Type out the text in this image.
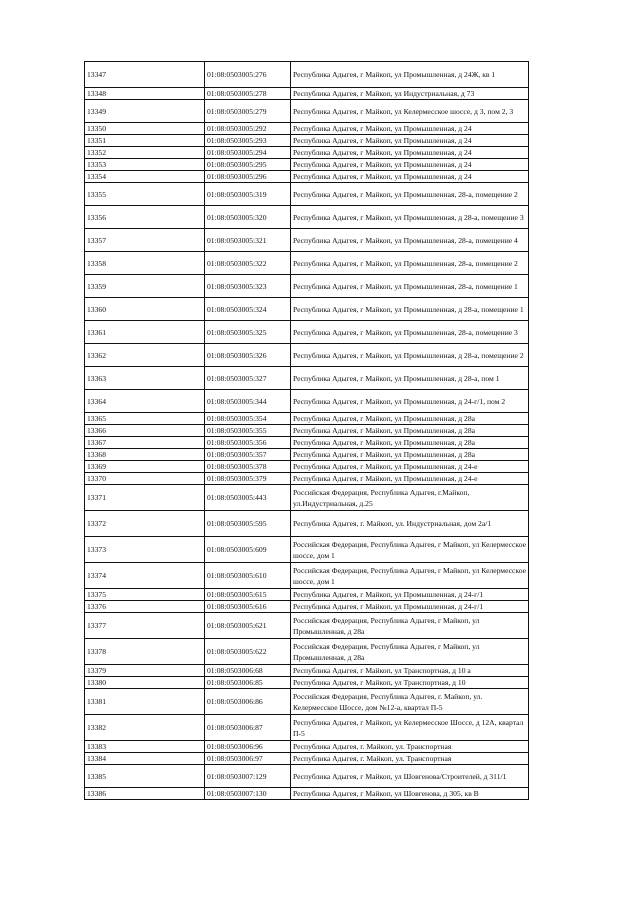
13347	01:08:0503005:276	Республика Адыгея, г Майкоп, ул Промышленная, д 24Ж, кв 1
13348	01:08:0503005:278	Республика Адыгея, г Майкоп, ул Индустриальная, д 73
13349	01:08:0503005:279	Республика Адыгея, г Майкоп, ул Келермесское шоссе, д 3, пом 2, 3
13350	01:08:0503005:292	Республика Адыгея, г Майкоп, ул Промышленная, д 24
13351	01:08:0503005:293	Республика Адыгея, г Майкоп, ул Промышленная, д 24
13352	01:08:0503005:294	Республика Адыгея, г Майкоп, ул Промышленная, д 24
13353	01:08:0503005:295	Республика Адыгея, г Майкоп, ул Промышленная, д 24
13354	01:08:0503005:296	Республика Адыгея, г Майкоп, ул Промышленная, д 24
13355	01:08:0503005:319	Республика Адыгея, г Майкоп, ул Промышленная, 28-а, помещение 2
13356	01:08:0503005:320	Республика Адыгея, г Майкоп, ул Промышленная, д 28-а, помещение 3
13357	01:08:0503005:321	Республика Адыгея, г Майкоп, ул Промышленная, 28-а, помещение 4
13358	01:08:0503005:322	Республика Адыгея, г Майкоп, ул Промышленная, 28-а, помещение 2
13359	01:08:0503005:323	Республика Адыгея, г Майкоп, ул Промышленная, 28-а, помещение 1
13360	01:08:0503005:324	Республика Адыгея, г Майкоп, ул Промышленная, д 28-а, помещение 1
13361	01:08:0503005:325	Республика Адыгея, г Майкоп, ул Промышленная, 28-а, помещение 3
13362	01:08:0503005:326	Республика Адыгея, г Майкоп, ул Промышленная, д 28-а, помещение 2
13363	01:08:0503005:327	Республика Адыгея, г Майкоп, ул Промышленная, д 28-а, пом 1
13364	01:08:0503005:344	Республика Адыгея, г Майкоп, ул Промышленная, д 24-г/1, пом 2
13365	01:08:0503005:354	Республика Адыгея, г Майкоп, ул Промышленная, д 28а
13366	01:08:0503005:355	Республика Адыгея, г Майкоп, ул Промышленная, д 28а
13367	01:08:0503005:356	Республика Адыгея, г Майкоп, ул Промышленная, д 28а
13368	01:08:0503005:357	Республика Адыгея, г Майкоп, ул Промышленная, д 28а
13369	01:08:0503005:378	Республика Адыгея, г Майкоп, ул Промышленная, д 24-е
13370	01:08:0503005:379	Республика Адыгея, г Майкоп, ул Промышленная, д 24-е
13371	01:08:0503005:443	Российская Федерация, Республика Адыгея, г.Майкоп, ул.Индустриальная, д.25
13372	01:08:0503005:595	Республика Адыгея, г. Майкоп, ул. Индустриальная, дом 2а/1
13373	01:08:0503005:609	Российская Федерация, Республика Адыгея, г Майкоп, ул Келермесское шоссе, дом 1
13374	01:08:0503005:610	Российская Федерация, Республика Адыгея, г Майкоп, ул Келермесское шоссе, дом 1
13375	01:08:0503005:615	Республика Адыгея, г Майкоп, ул Промышленная, д 24-г/1
13376	01:08:0503005:616	Республика Адыгея, г Майкоп, ул Промышленная, д 24-г/1
13377	01:08:0503005:621	Российская Федерация, Республика Адыгея, г Майкоп, ул Промышленная, д 28а
13378	01:08:0503005:622	Российская Федерация, Республика Адыгея, г Майкоп, ул Промышленная, д 28а
13379	01:08:0503006:68	Республика Адыгея, г Майкоп, ул Транспортная, д 10 а
13380	01:08:0503006:85	Республика Адыгея, г Майкоп, ул Транспортная, д 10
13381	01:08:0503006:86	Российская Федерация, Республика Адыгея, г. Майкоп, ул. Келермесское Шоссе, дом №12-а, квартал П-5
13382	01:08:0503006:87	Республика Адыгея, г Майкоп, ул Келермесское Шоссе, д 12А, квартал П-5
13383	01:08:0503006:96	Республика Адыгея, г. Майкоп, ул. Транспортная
13384	01:08:0503006:97	Республика Адыгея, г. Майкоп, ул. Транспортная
13385	01:08:0503007:129	Республика Адыгея, г Майкоп, ул Шовгенова/Строителей, д 311/1
13386	01:08:0503007:130	Республика Адыгея, г Майкоп, ул Шовгенова, д 305, кв В
